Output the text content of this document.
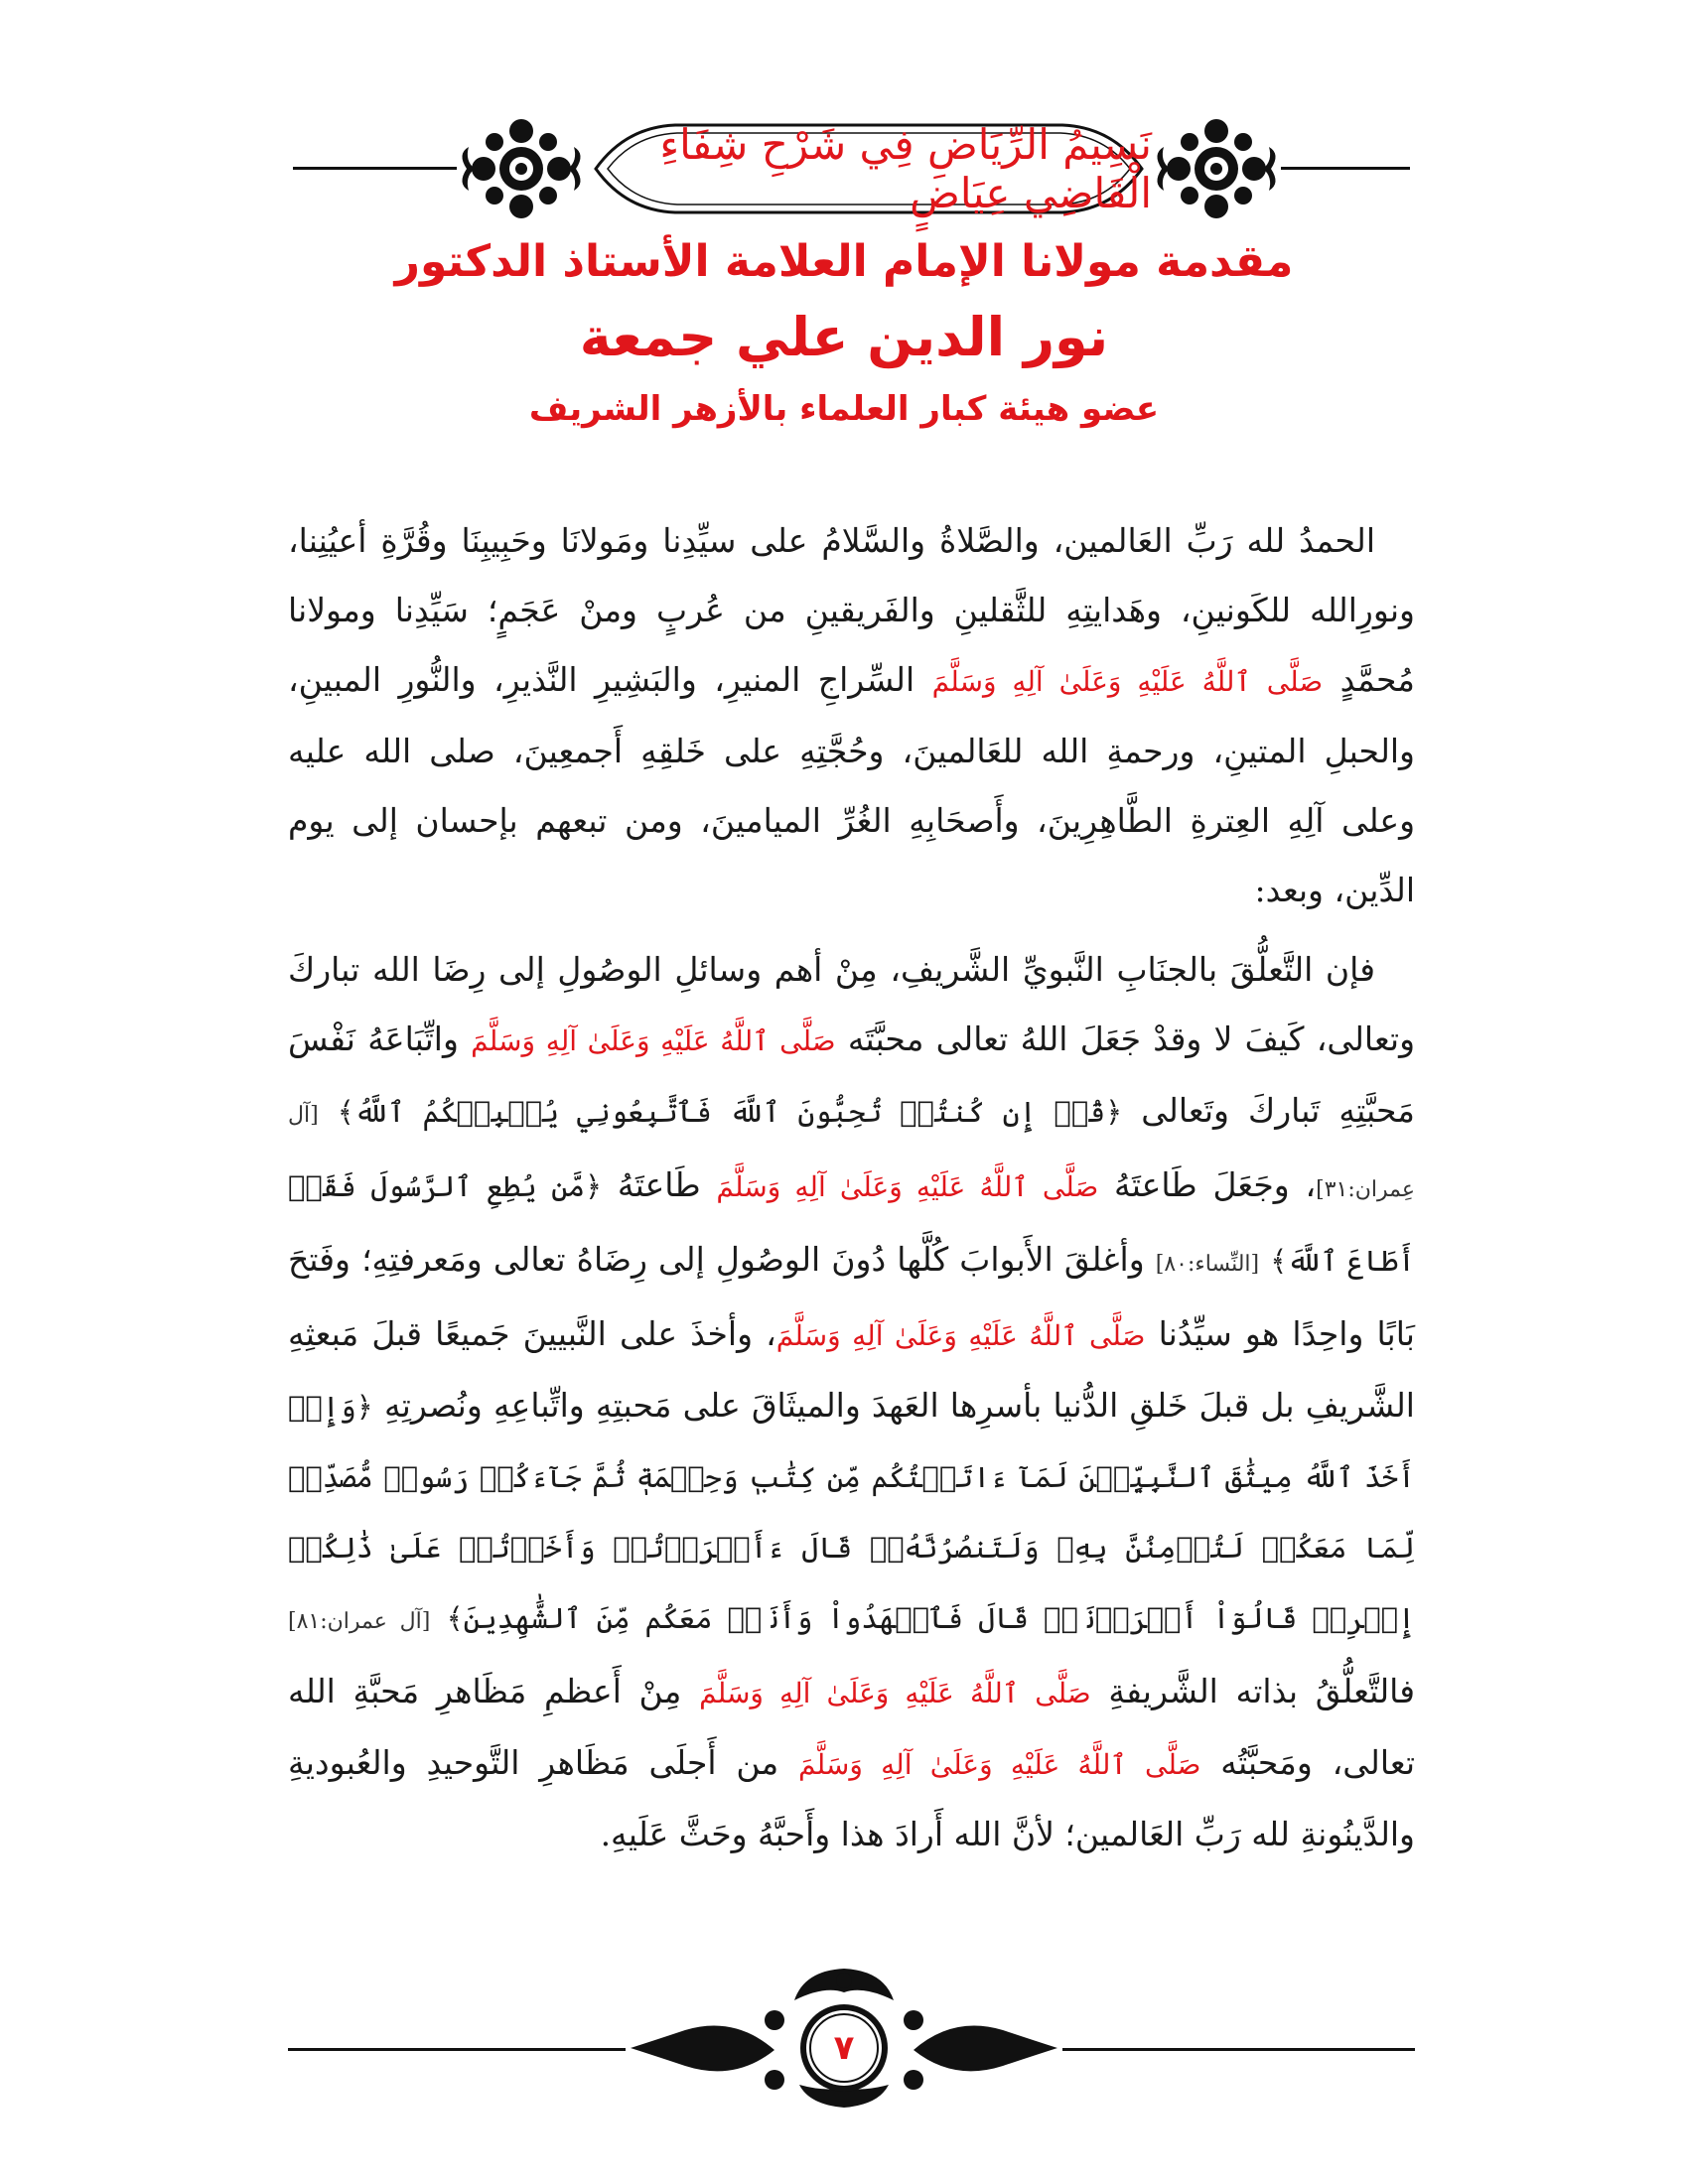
نَسِيمُ الرِّيَاضِ فِي شَرْحِ شِفَاءِ الْقَاضِي عِيَاضٍ
مقدمة مولانا الإمام العلامة الأستاذ الدكتور
نور الدين علي جمعة
عضو هيئة كبار العلماء بالأزهر الشريف

الحمدُ لله رَبِّ العَالمين، والصَّلاةُ والسَّلامُ على سيِّدِنا ومَولانَا وحَبِيبِنَا وقُرَّةِ أعيُنِنا، ونورِالله للكَونينِ، وهَدايتِهِ للثَّقلينِ والفَريقينِ من عُربٍ ومنْ عَجَمٍ؛ سَيِّدِنا ومولانا مُحمَّدٍ صَلَّى ٱللَّهُ عَلَيْهِ وَعَلَىٰ آلِهِ وَسَلَّمَ السِّراجِ المنيرِ، والبَشِيرِ النَّذيرِ، والنُّورِ المبينِ، والحبلِ المتينِ، ورحمةِ الله للعَالمينَ، وحُجَّتِهِ على خَلقِهِ أَجمعِينَ، صلى الله عليه وعلى آلِهِ العِترةِ الطَّاهِرِينَ، وأَصحَابِهِ الغُرِّ الميامينَ، ومن تبعهم بإحسان إلى يوم الدِّين، وبعد:

فإن التَّعلُّقَ بالجنَابِ النَّبويِّ الشَّريفِ، مِنْ أهم وسائلِ الوصُولِ إلى رِضَا الله تباركَ وتعالى، كَيفَ لا وقدْ جَعَلَ اللهُ تعالى محبَّتَه صَلَّى ٱللَّهُ عَلَيْهِ وَعَلَىٰ آلِهِ وَسَلَّمَ واتِّبَاعَهُ نَفْسَ مَحبَّتِهِ تَباركَ وتَعالى ﴿قُلۡ إِن كُنتُمۡ تُحِبُّونَ ٱللَّهَ فَٱتَّبِعُونِي يُحۡبِبۡكُمُ ٱللَّهُ﴾ [آل عِمران:٣١]، وجَعَلَ طَاعتَهُ صَلَّى ٱللَّهُ عَلَيْهِ وَعَلَىٰ آلِهِ وَسَلَّمَ طَاعتَهُ ﴿مَّن يُطِعِ ٱلرَّسُولَ فَقَدۡ أَطَاعَ ٱللَّهَ﴾ [النِّساء:٨٠] وأغلقَ الأَبوابَ كُلَّها دُونَ الوصُولِ إلى رِضَاهُ تعالى ومَعرفتِهِ؛ وفَتحَ بَابًا واحِدًا هو سيِّدُنا صَلَّى ٱللَّهُ عَلَيْهِ وَعَلَىٰ آلِهِ وَسَلَّمَ، وأخذَ على النَّبيينَ جَميعًا قبلَ مَبعثِهِ الشَّريفِ بل قبلَ خَلقِ الدُّنيا بأسرِها العَهدَ والميثَاقَ على مَحبتِهِ واتِّباعِهِ ونُصرتِهِ ﴿وَإِذۡ أَخَذَ ٱللَّهُ مِيثَٰقَ ٱلنَّبِيِّـۧنَ لَمَآ ءَاتَيۡتُكُم مِّن كِتَٰبٖ وَحِكۡمَةٖ ثُمَّ جَآءَكُمۡ رَسُولٞ مُّصَدِّقٞ لِّمَا مَعَكُمۡ لَتُؤۡمِنُنَّ بِهِۦ وَلَتَنصُرُنَّهُۥۚ قَالَ ءَأَقۡرَرۡتُمۡ وَأَخَذۡتُمۡ عَلَىٰ ذَٰلِكُمۡ إِصۡرِيۖ قَالُوٓاْ أَقۡرَرۡنَاۚ قَالَ فَٱشۡهَدُواْ وَأَنَا۠ مَعَكُم مِّنَ ٱلشَّٰهِدِينَ﴾ [آل عمران:٨١] فالتَّعلُّقُ بذاته الشَّريفةِ صَلَّى ٱللَّهُ عَلَيْهِ وَعَلَىٰ آلِهِ وَسَلَّمَ مِنْ أَعظمِ مَظَاهرِ مَحبَّةِ الله تعالى، ومَحبَّتُه صَلَّى ٱللَّهُ عَلَيْهِ وَعَلَىٰ آلِهِ وَسَلَّمَ من أَجلَى مَظَاهرِ التَّوحيدِ والعُبوديةِ والدَّينُونةِ لله رَبِّ العَالمين؛ لأنَّ الله أَرادَ هذا وأَحبَّهُ وحَثَّ عَلَيهِ.

٧
